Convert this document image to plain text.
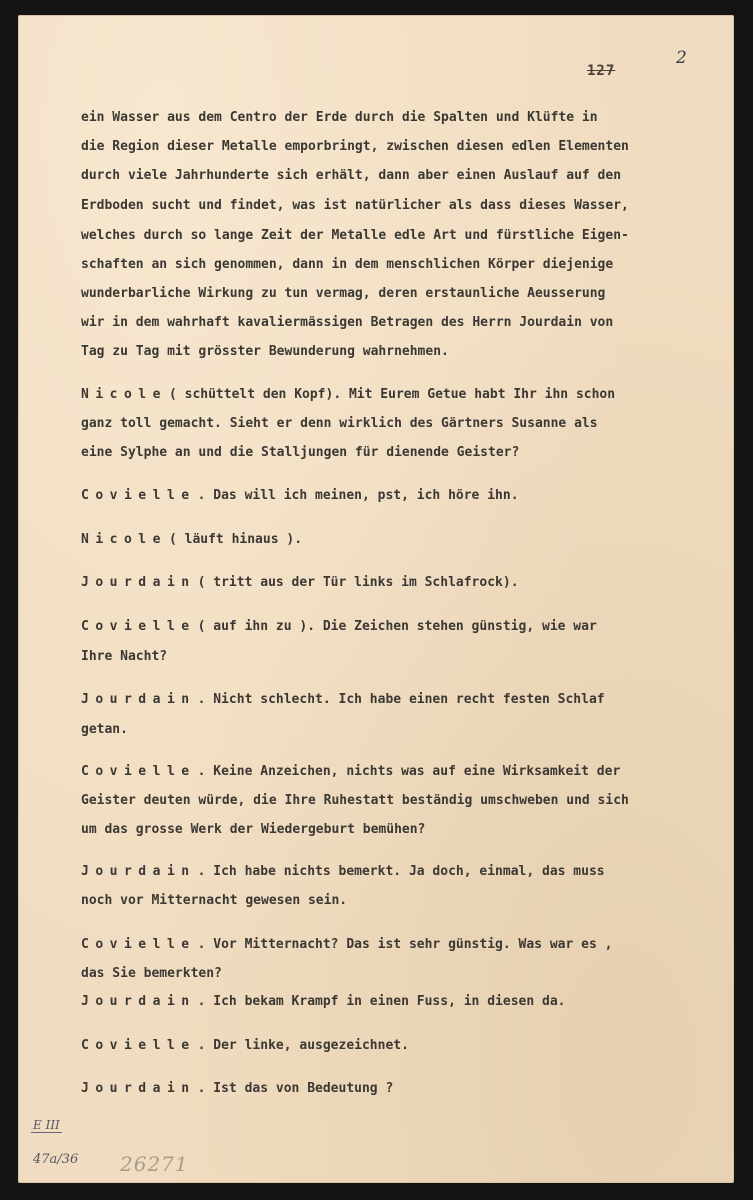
127
2
ein Wasser aus dem Centro der Erde durch die Spalten und Klüfte in
die Region dieser Metalle emporbringt, zwischen diesen edlen Elementen
durch viele Jahrhunderte sich erhält, dann aber einen Auslauf auf den
Erdboden sucht und findet, was ist natürlicher als dass dieses Wasser,
welches durch so lange Zeit der Metalle edle Art und fürstliche Eigen-
schaften an sich genommen, dann in dem menschlichen Körper diejenige
wunderbarliche Wirkung zu tun vermag, deren erstaunliche Aeusserung
wir in dem wahrhaft kavaliermässigen Betragen des Herrn Jourdain von
Tag zu Tag mit grösster Bewunderung wahrnehmen.
Nicole ( schüttelt den Kopf). Mit Eurem Getue habt Ihr ihn schon
ganz toll gemacht. Sieht er denn wirklich des Gärtners Susanne als
eine Sylphe an und die Stalljungen für dienende Geister?
Covielle . Das will ich meinen, pst, ich höre ihn.
Nicole ( läuft hinaus ).
Jourdain ( tritt aus der Tür links im Schlafrock).
Covielle ( auf ihn zu ). Die Zeichen stehen günstig, wie war
Ihre Nacht?
Jourdain . Nicht schlecht. Ich habe einen recht festen Schlaf
getan.
Covielle . Keine Anzeichen, nichts was auf eine Wirksamkeit der
Geister deuten würde, die Ihre Ruhestatt beständig umschweben und sich
um das grosse Werk der Wiedergeburt bemühen?
Jourdain . Ich habe nichts bemerkt. Ja doch, einmal, das muss
noch vor Mitternacht gewesen sein.
Covielle . Vor Mitternacht? Das ist sehr günstig. Was war es ,
das Sie bemerkten?
Jourdain . Ich bekam Krampf in einen Fuss, in diesen da.
Covielle . Der linke, ausgezeichnet.
Jourdain . Ist das von Bedeutung ?
E III
47a/36 26271
